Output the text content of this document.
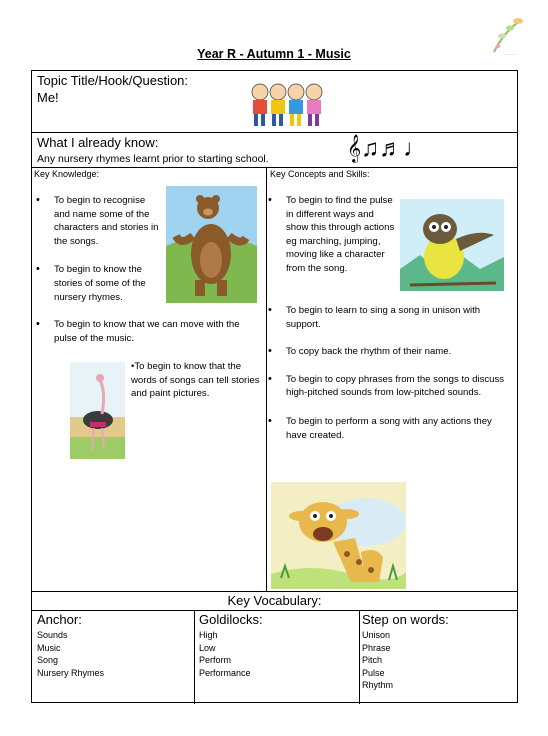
~~~~~~
Year R - Autumn 1 - Music
Topic Title/Hook/Question:
Me!
What I already know:
Any nursery rhymes learnt prior to starting school.	𝄞♫♬♩
Key Knowledge:
• To begin to recognise and name some of the characters and stories in the songs.
• To begin to know the stories of some of the nursery rhymes.
• To begin to know that we can move with the pulse of the music.
•To begin to know that the words of songs can tell stories and paint pictures.
Key Concepts and Skills:
• To begin to find the pulse in different ways and show this through actions eg marching, jumping, moving like a character from the song.
• To begin to learn to sing a song in unison with support.
• To copy back the rhythm of their name.
• To begin to copy phrases from the songs to discuss high-pitched sounds from low-pitched sounds.
• To begin to perform a song with any actions they have created.
Key Vocabulary:
Anchor:
Sounds
Music
Song
Nursery Rhymes
Goldilocks:
High
Low
Perform
Performance
Step on words:
Unison
Phrase
Pitch
Pulse
Rhythm
